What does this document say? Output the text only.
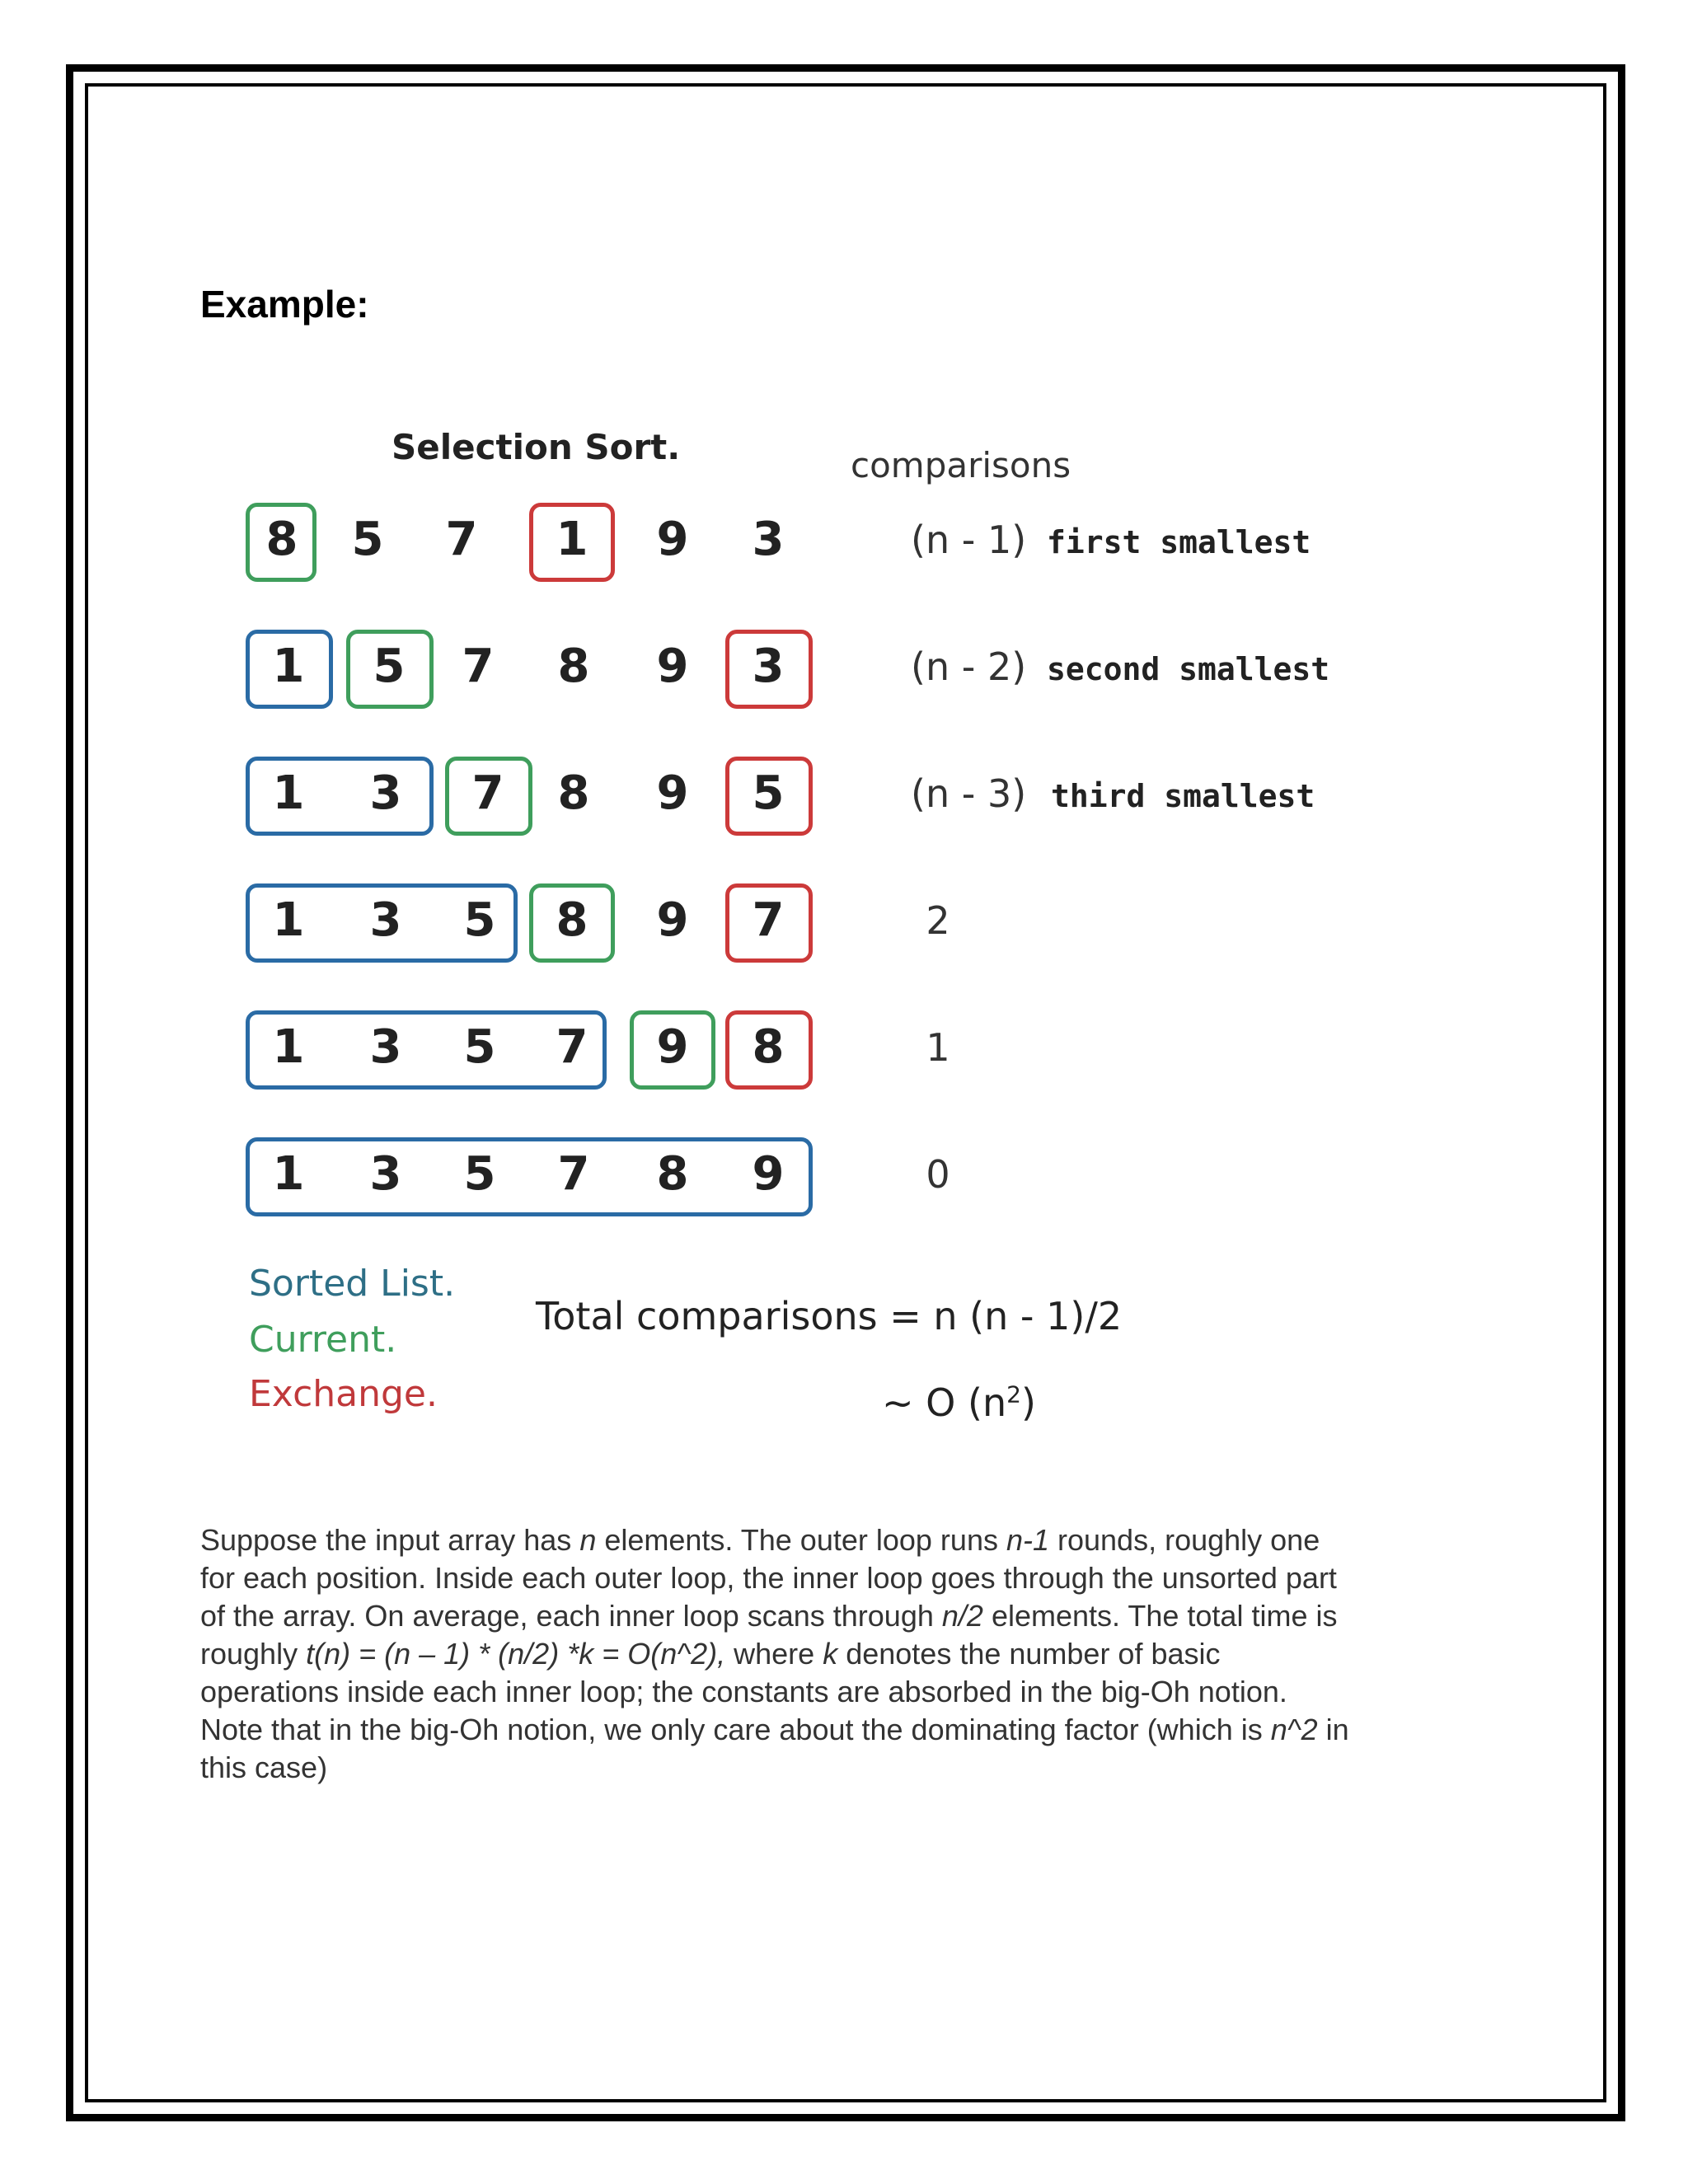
Example:
Selection Sort.	comparisons
8 5 7 1 9 3	(n - 1) first smallest
1 5 7 8 9 3	(n - 2) second smallest
1 3 7 8 9 5	(n - 3) third smallest
1 3 5 8 9 7	2
1 3 5 7 9 8	1
1 3 5 7 8 9	0
Sorted List.
Current.
Exchange.
Total comparisons = n (n - 1)/2
~ O $(n^2)$
Suppose the input array has n elements. The outer loop runs n-1 rounds, roughly one
for each position. Inside each outer loop, the inner loop goes through the unsorted part
of the array. On average, each inner loop scans through n/2 elements. The total time is
roughly t(n) = (n – 1) * (n/2) *k = O(n^2), where k denotes the number of basic
operations inside each inner loop; the constants are absorbed in the big-Oh notion.
Note that in the big-Oh notion, we only care about the dominating factor (which is n^2 in
this case)
